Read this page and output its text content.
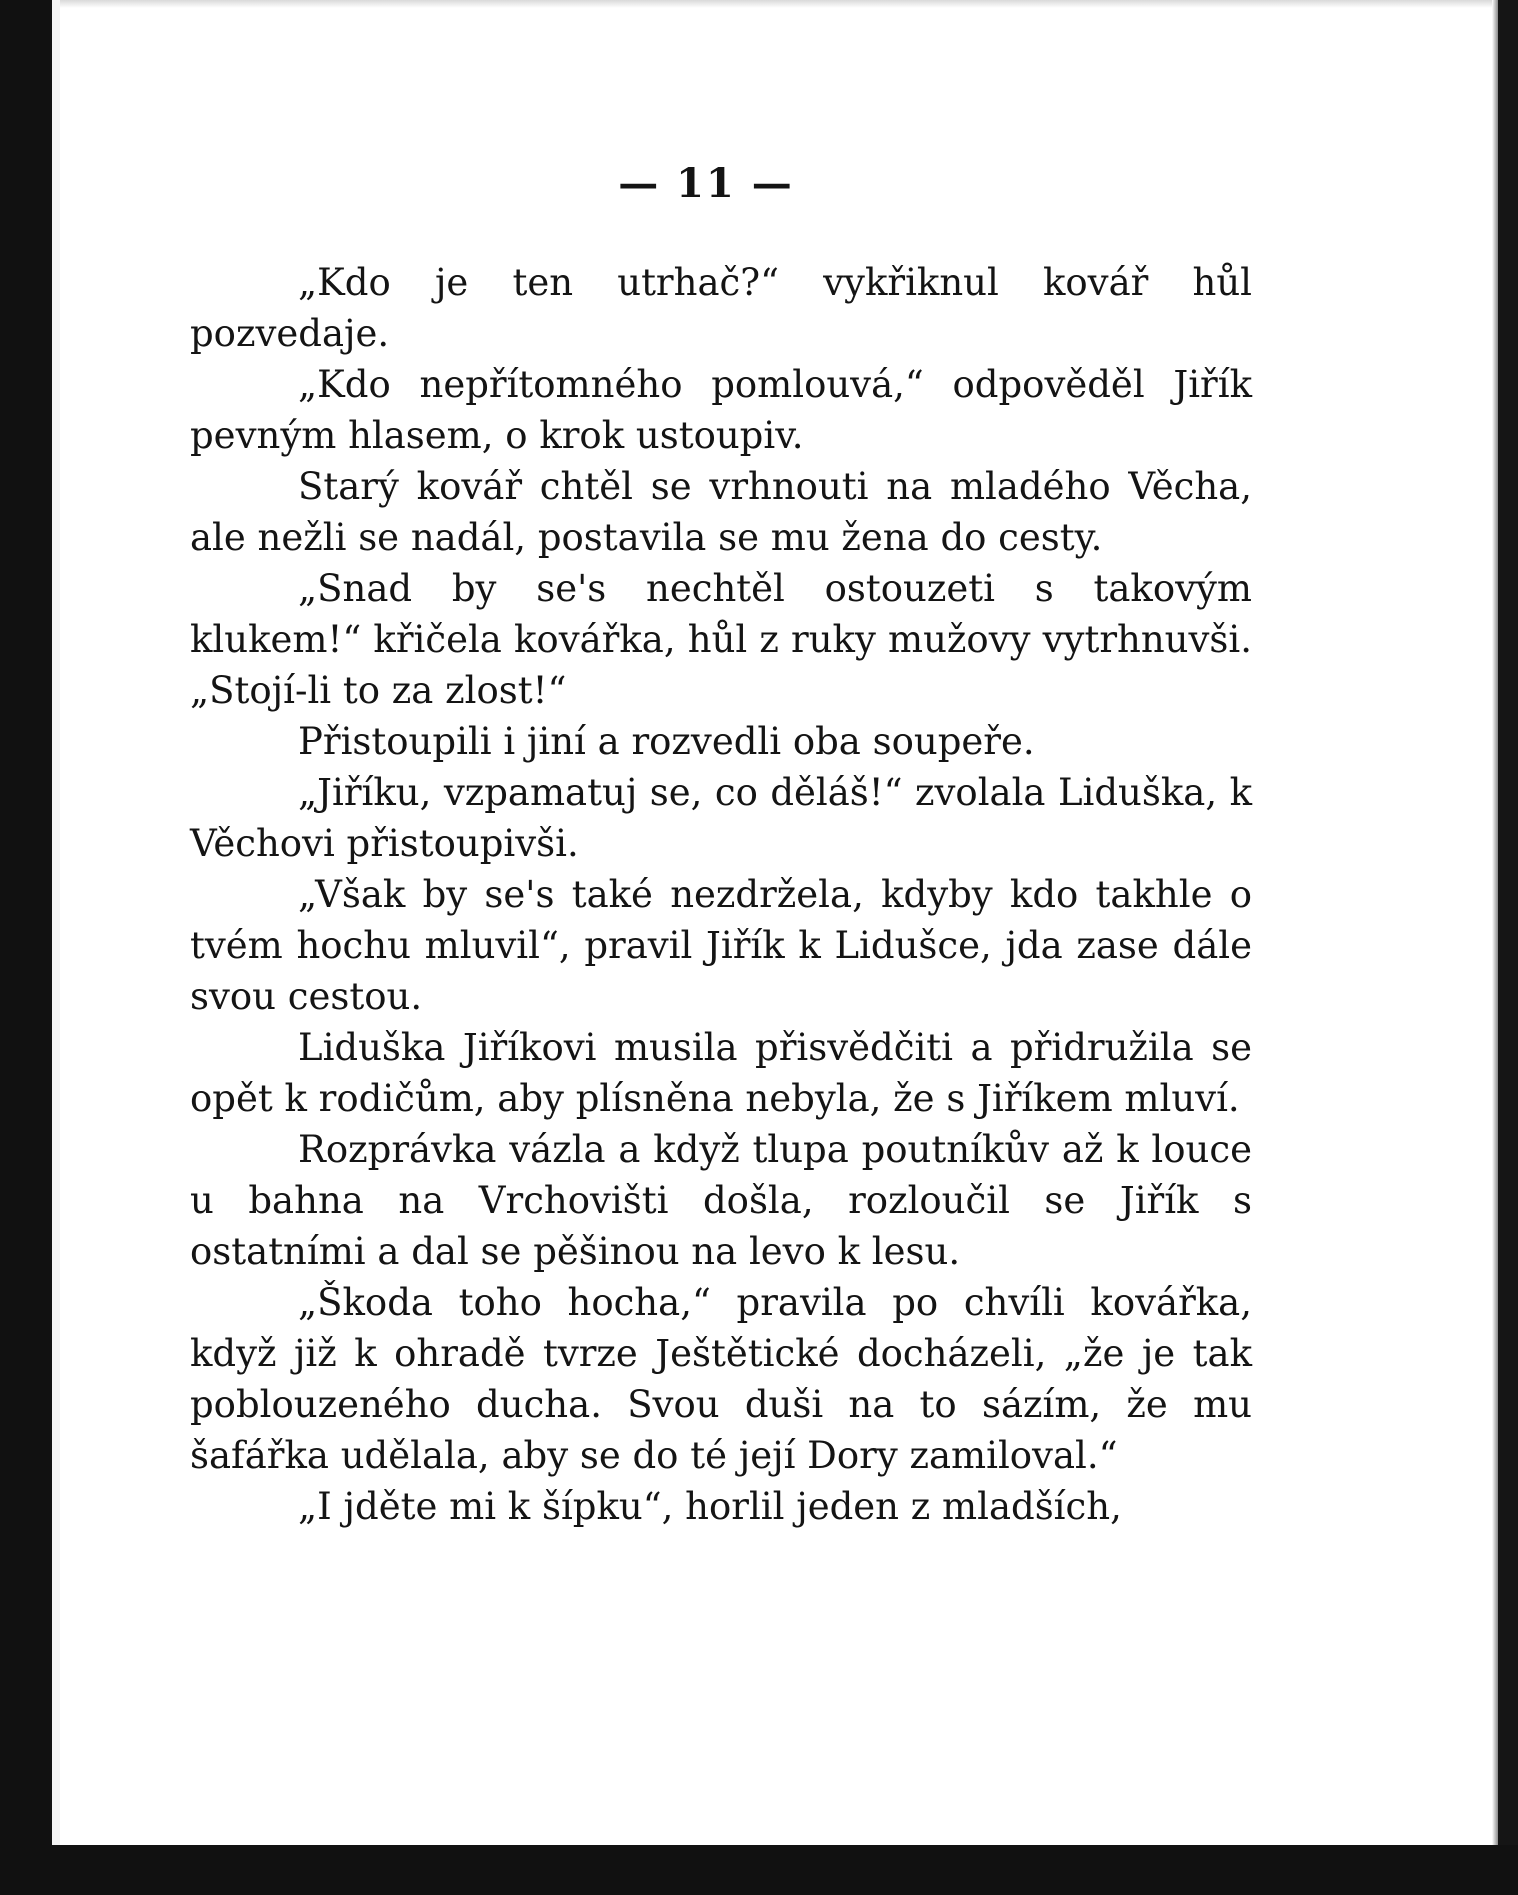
— 11 —

„Kdo je ten utrhač?“ vykřiknul kovář hůl pozvedaje.

„Kdo nepřítomného pomlouvá,“ odpověděl Jiřík pevným hlasem, o krok ustoupiv.

Starý kovář chtěl se vrhnouti na mladého Věcha, ale nežli se nadál, postavila se mu žena do cesty.

„Snad by se's nechtěl ostouzeti s takovým klukem!“ křičela kovářka, hůl z ruky mužovy vytrhnuvši. „Stojí-li to za zlost!“

Přistoupili i jiní a rozvedli oba soupeře.

„Jiříku, vzpamatuj se, co děláš!“ zvolala Liduška, k Věchovi přistoupivši.

„Však by se's také nezdržela, kdyby kdo takhle o tvém hochu mluvil“, pravil Jiřík k Lidušce, jda zase dále svou cestou.

Liduška Jiříkovi musila přisvědčiti a přidružila se opět k rodičům, aby plísněna nebyla, že s Jiříkem mluví.

Rozprávka vázla a když tlupa poutníkův až k louce u bahna na Vrchovišti došla, rozloučil se Jiřík s ostatními a dal se pěšinou na levo k lesu.

„Škoda toho hocha,“ pravila po chvíli kovářka, když již k ohradě tvrze Ještětické docházeli, „že je tak poblouzeného ducha. Svou duši na to sázím, že mu šafářka udělala, aby se do té její Dory zamiloval.“

„I jděte mi k šípku“, horlil jeden z mladších,
